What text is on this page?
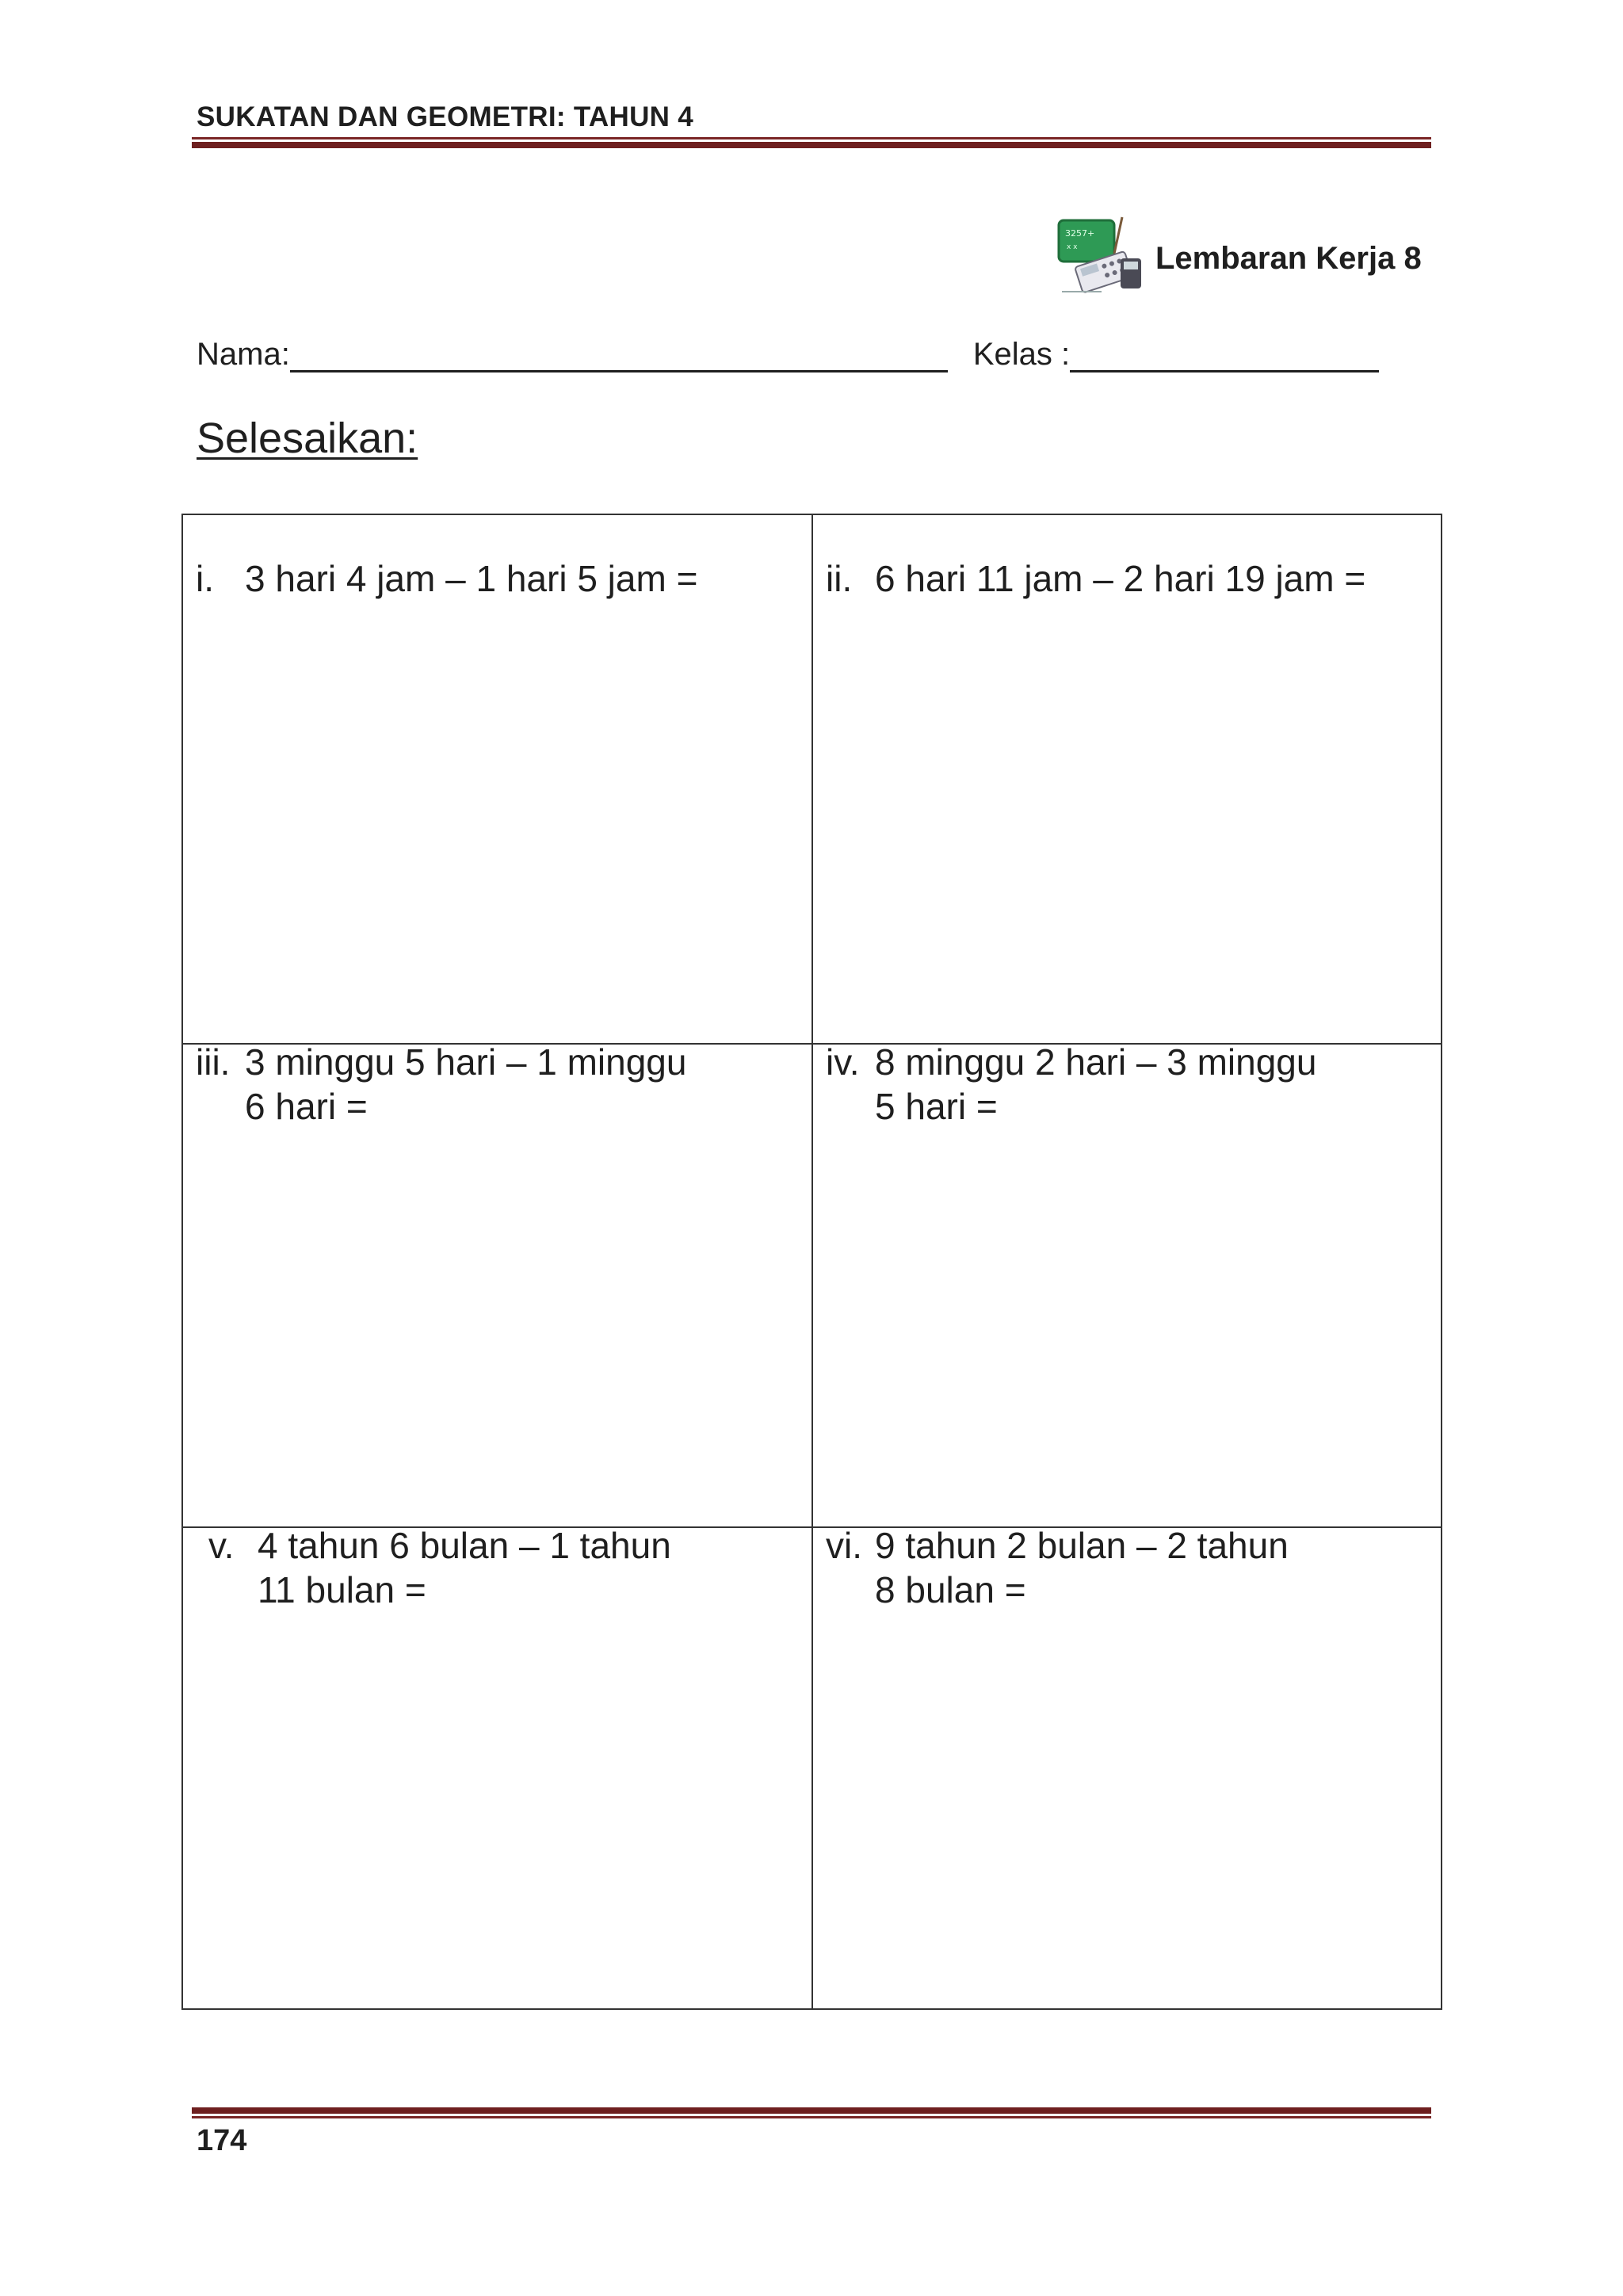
SUKATAN DAN GEOMETRI: TAHUN 4
3257+
x x Lembaran Kerja 8
Nama:	Kelas :
Selesaikan:
i. 3 hari 4 jam – 1 hari 5 jam =	ii. 6 hari 11 jam – 2 hari 19 jam =
iii. 3 minggu 5 hari – 1 minggu
6 hari =
iv. 8 minggu 2 hari – 3 minggu
5 hari =
v. 4 tahun 6 bulan – 1 tahun
11 bulan =
vi. 9 tahun 2 bulan – 2 tahun
8 bulan =
174
